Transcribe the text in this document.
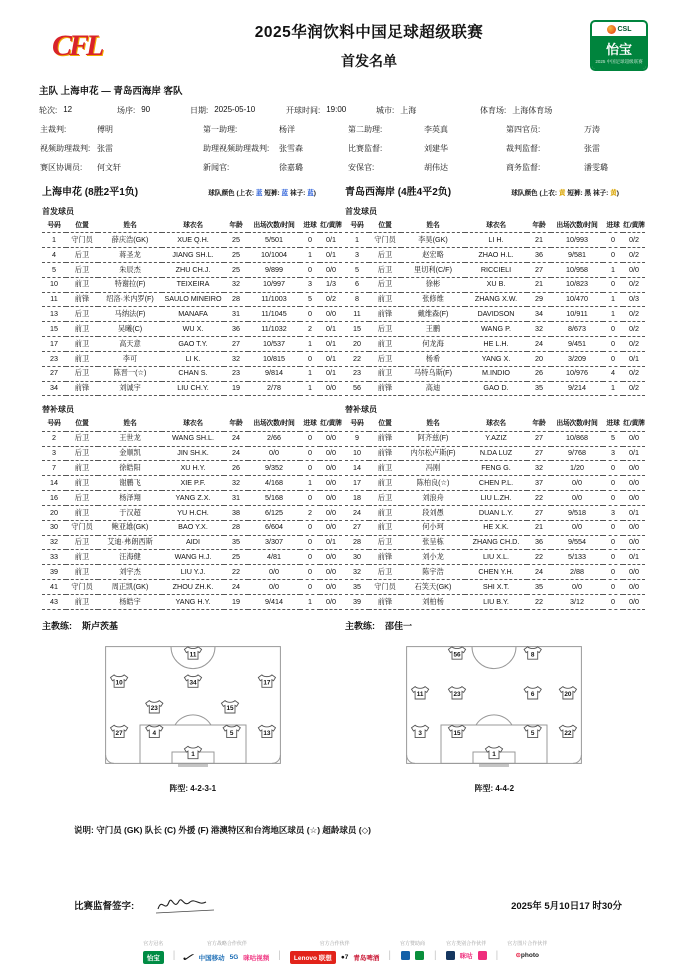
CFL	2025华润饮料中国足球超级联赛
首发名单
CSL
怡宝
2025 中国足球超级联赛
主队 上海申花 — 青岛西海岸 客队
轮次: 12	场序: 90	日期: 2025-05-10	开球时间: 19:00	城市: 上海	体育场: 上海体育场
主裁判:	傅明	第一助理:	杨洋	第二助理:	李英真	第四官员:	万涛
视频助理裁判: 张雷	助理视频助理裁判:	张雪森	比赛监督:	刘建华	裁判监督:	张雷
赛区协调员:	何文轩	新闻官:	徐嘉璐	安保官:	胡伟达	商务监督:	潘雯璐
上海申花 (8胜2平1负)	球队颜色 (上衣: 蓝 短裤: 蓝 袜子: 蓝)
首发球员
号码	位置	姓名	球衣名	年龄	出场次数/时间	进球	红/黄牌
1	守门员	薛庆浩(GK)	XUE Q.H.	25	5/501	0	0/1
4	后卫	蒋圣龙	JIANG SH.L.	25	10/1004	1	0/1
5	后卫	朱辰杰	ZHU CH.J.	25	9/899	0	0/0
10	前卫	特谢拉(F)	TEIXEIRA	32	10/997	3	1/3
11	前锋	绍洛·米内罗(F)	SAULO MINEIRO	28	11/1003	5	0/2
13	后卫	马纳法(F)	MANAFA	31	11/1045	0	0/0
15	前卫	吴曦(C)	WU X.	36	11/1032	2	0/1
17	前卫	高天意	GAO T.Y.	27	10/537	1	0/1
23	前卫	李可	LI K.	32	10/815	0	0/1
27	后卫	陈晋一(☆)	CHAN S.	23	9/814	1	0/1
34	前锋	刘诚宇	LIU CH.Y.	19	2/78	1	0/0
替补球员
号码	位置	姓名	球衣名	年龄	出场次数/时间	进球	红/黄牌
2	后卫	王世龙	WANG SH.L.	24	2/66	0	0/0
3	后卫	金顺凯	JIN SH.K.	24	0/0	0	0/0
7	前卫	徐皓阳	XU H.Y.	26	9/352	0	0/0
14	前卫	谢鹏飞	XIE P.F.	32	4/168	1	0/0
16	后卫	杨泽翔	YANG Z.X.	31	5/168	0	0/0
20	前卫	于汉超	YU H.CH.	38	6/125	2	0/0
30	守门员	鲍亚雄(GK)	BAO Y.X.	28	6/604	0	0/0
32	后卫	艾迪·弗朗西斯	AIDI	35	3/307	0	0/1
33	前卫	汪海健	WANG H.J.	25	4/81	0	0/0
39	前卫	刘宇杰	LIU Y.J.	22	0/0	0	0/0
41	守门员	周正凯(GK)	ZHOU ZH.K.	24	0/0	0	0/0
43	前卫	杨皓宇	YANG H.Y.	19	9/414	1	0/0
主教练: 斯卢茨基
青岛西海岸 (4胜4平2负)	球队颜色 (上衣: 黄 短裤: 黑 袜子: 黄)
首发球员
号码	位置	姓名	球衣名	年龄	出场次数/时间	进球	红/黄牌
1	守门员	李昊(GK)	LI H.	21	10/993	0	0/2
3	后卫	赵宏略	ZHAO H.L.	36	9/581	0	0/2
5	后卫	里切利(C/F)	RICCIELI	27	10/958	1	0/0
6	后卫	徐彬	XU B.	21	10/823	0	0/2
8	前卫	张修维	ZHANG X.W.	29	10/470	1	0/3
11	前锋	戴维森(F)	DAVIDSON	34	10/911	1	0/2
15	后卫	王鹏	WANG P.	32	8/673	0	0/2
20	前卫	何龙海	HE L.H.	24	9/451	0	0/2
22	后卫	杨希	YANG X.	20	3/209	0	0/1
23	前卫	马特乌斯(F)	M.INDIO	26	10/976	4	0/2
56	前锋	高迪	GAO D.	35	9/214	1	0/2
替补球员
号码	位置	姓名	球衣名	年龄	出场次数/时间	进球	红/黄牌
9	前锋	阿齐兹(F)	Y.AZIZ	27	10/868	5	0/0
10	前锋	内尔松卢斯(F)	N.DA LUZ	27	9/768	3	0/1
14	前卫	冯刚	FENG G.	32	1/20	0	0/0
17	前卫	陈柏良(☆)	CHEN P.L.	37	0/0	0	0/0
18	后卫	刘浪舟	LIU L.ZH.	22	0/0	0	0/0
24	前卫	段刘愚	DUAN L.Y.	27	9/518	3	0/1
27	前卫	何小珂	HE X.K.	21	0/0	0	0/0
28	后卫	张呈栋	ZHANG CH.D.	36	9/554	0	0/0
30	前锋	刘小龙	LIU X.L.	22	5/133	0	0/1
32	后卫	陈宇浩	CHEN Y.H.	24	2/88	0	0/0
35	守门员	石笑天(GK)	SHI X.T.	35	0/0	0	0/0
39	前锋	刘柏杨	LIU B.Y.	22	3/12	0	0/0
主教练: 邵佳一
11
10	34	17
23	15
27	4	5	13
1
阵型: 4-2-3-1
56	8
11	23	6	20
3	15	5	22
1
阵型: 4-4-2
说明: 守门员 (GK) 队长 (C) 外援 (F) 港澳特区和台湾地区球员 (☆) 超龄球员 (◇)
比赛监督签字:	2025年 5月10日17 时30分
官方冠名
怡宝	|
官方战略合作伙伴
✓ 中国移动 5G 咪咕视频 |
官方合作伙伴
Lenovo 联想	●7 青岛啤酒 |
官方赞助商
|
官方类别合作伙伴
咪咕 |
官方图片合作伙伴
⊙photo
